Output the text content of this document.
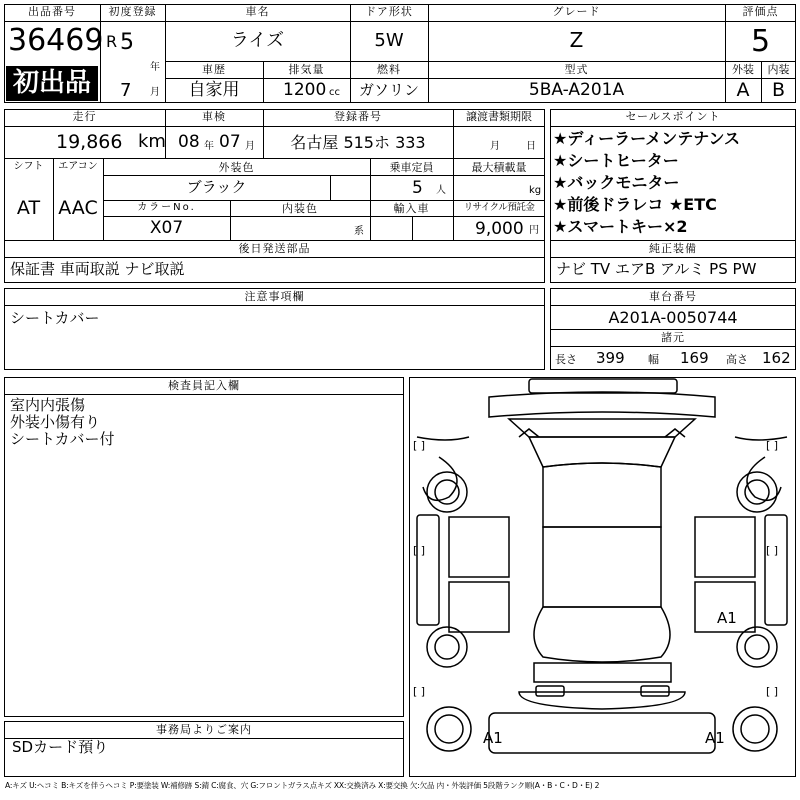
出品番号
36469
初出品
初度登録
R 5
年
7 月
車名
ライズ
ドア形状
5W
グレード
Z
評価点
5
車歴
自家用
排気量
1200 cc
燃料
ガソリン
型式
5BA-A201A
外装
A
内装
B
走行
19,866 km
車検
08 年 07 月
登録番号
名古屋 515ホ 333
譲渡書類期限
月	日
シフト
AT
エアコン
AAC
外装色
ブラック
カラーNo.
X07
内装色
系
乗車定員
5 人
最大積載量
kg
輸入車	リサイクル預託金
9,000 円
後日発送部品
保証書 車両取説 ナビ取説
セールスポイント
★ディーラーメンテナンス
★シートヒーター
★バックモニター
★前後ドラレコ ★ETC
★スマートキー×2
純正装備
ナビ TV エアB アルミ PS PW
注意事項欄
シートカバー
車台番号
A201A-0050744
諸元
長さ 399 幅 169 高さ 162
検査員記入欄
室内内張傷
外装小傷有り
シートカバー付
事務局よりご案内
SDカード預り
[ ]	[ ]
[ ]	[ ]
[ ]	[ ]
A1
A1	A1
A:キズ U:ヘコミ B:キズを伴うヘコミ P:要塗装 W:補修跡 S:錆 C:腐食、穴 G:フロントガラス点キズ XX:交換済み X:要交換 欠:欠品 内・外装評価 5段階ランク順(A・B・C・D・E) 2
